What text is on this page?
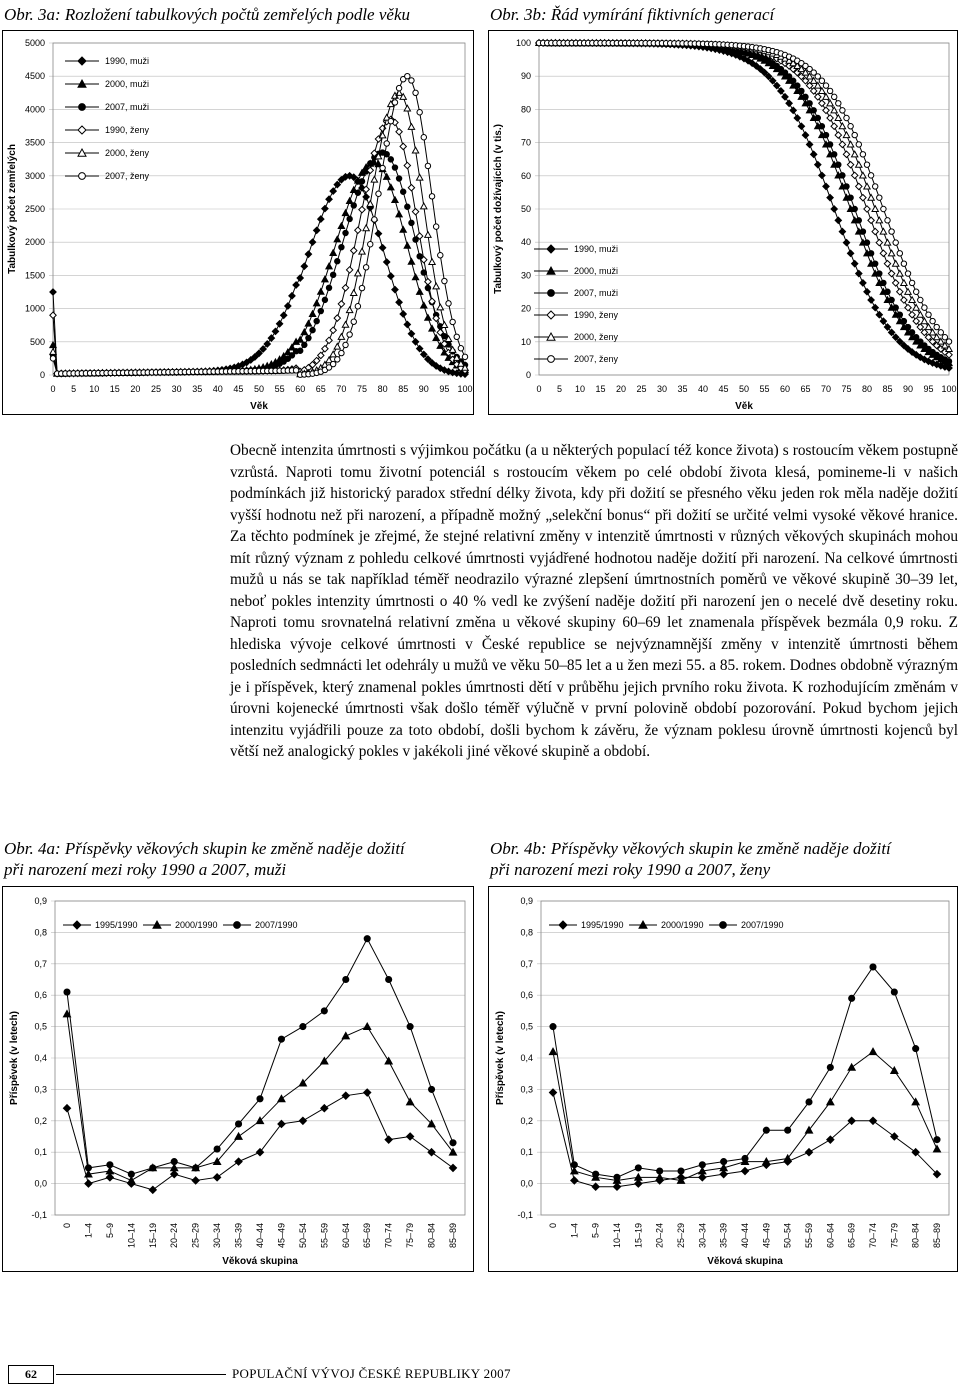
Obr. 3a: Rozložení tabulkových počtů zemřelých podle věku	Obr. 3b: Řád vymírání fiktivních generací
0
500
1000
1500
2000
2500
3000
3500
4000
4500
5000
Tabulkový počet zemřelých
Věk
0 5 10 15 20 25 30 35 40 45 50 55 60 65 70 75 80 85 90 95 100
1990, muži
2000, muži
2007, muži
1990, ženy
2000, ženy
2007, ženy
0
10
20
30
40
50
60
70
80
90
100
Tabulkový počet dožívajících (v tis.)
Věk
0 5 10 15 20 25 30 35 40 45 50 55 60 65 70 75 80 85 90 95 100
1990, muži
2000, muži
2007, muži
1990, ženy
2000, ženy
2007, ženy
Obecně intenzita úmrtnosti s výjimkou počátku (a u některých populací též konce života) s rostoucím věkem postupně vzrůstá. Naproti tomu životní potenciál s rostoucím věkem po celé období života klesá, pomineme-li v našich podmínkách již historický paradox střední délky života, kdy při dožití se přesného věku jeden rok měla naděje dožití vyšší hodnotu než při narození, a případně možný „selekční bonus“ při dožití se určité velmi vysoké věkové hranice. Za těchto podmínek je zřejmé, že stejné relativní změny v intenzitě úmrtnosti v různých věkových skupinách mohou mít různý význam z pohledu celkové úmrtnosti vyjádřené hodnotou naděje dožití při narození. Na celkové úmrtnosti mužů u nás se tak například téměř neodrazilo výrazné zlepšení úmrtnostních poměrů ve věkové skupině 30–39 let, neboť pokles intenzity úmrtnosti o 40 % vedl ke zvýšení naděje dožití při narození jen o necelé dvě desetiny roku. Naproti tomu srovnatelná relativní změna u věkové skupiny 60–69 let znamenala příspěvek bezmála 0,9 roku. Z hlediska vývoje celkové úmrtnosti v České republice se nejvýznamnější změny v intenzitě úmrtnosti během posledních sedmnácti let odehrály u mužů ve věku 50–85 let a u žen mezi 55. a 85. rokem. Dodnes obdobně výrazným je i příspěvek, který znamenal pokles úmrtnosti dětí v průběhu jejich prvního roku života. K rozhodujícím změnám v úrovni kojenecké úmrtnosti však došlo téměř výlučně v první polovině období pozorování. Pokud bychom jejich intenzitu vyjádřili pouze za toto období, došli bychom k závěru, že význam poklesu úrovně úmrtnosti kojenců byl větší než analogický pokles v jakékoli jiné věkové skupině a období.
Obr. 4a: Příspěvky věkových skupin ke změně naděje dožití
při narození mezi roky 1990 a 2007, muži
Obr. 4b: Příspěvky věkových skupin ke změně naděje dožití
při narození mezi roky 1990 a 2007, ženy
-0,1
0,0
0,1
0,2
0,3
0,4
0,5
0,6
0,7
0,8
0,9
Příspěvek (v letech)
Věková skupina
0 1–4 5–9 10–14 15–19 20–24 25–29 30–34 35–39 40–44 45–49 50–54 55–59 60–64 65–69 70–74 75–79 80–84 85–89
1995/1990	2000/1990	2007/1990
-0,1
0,0
0,1
0,2
0,3
0,4
0,5
0,6
0,7
0,8
0,9
Příspěvek (v letech)
Věková skupina
0 1–4 5–9 10–14 15–19 20–24 25–29 30–34 35–39 40–44 45–49 50–54 55–59 60–64 65–69 70–74 75–79 80–84 85–89
1995/1990	2000/1990	2007/1990
62	POPULAČNÍ VÝVOJ ČESKÉ REPUBLIKY 2007
